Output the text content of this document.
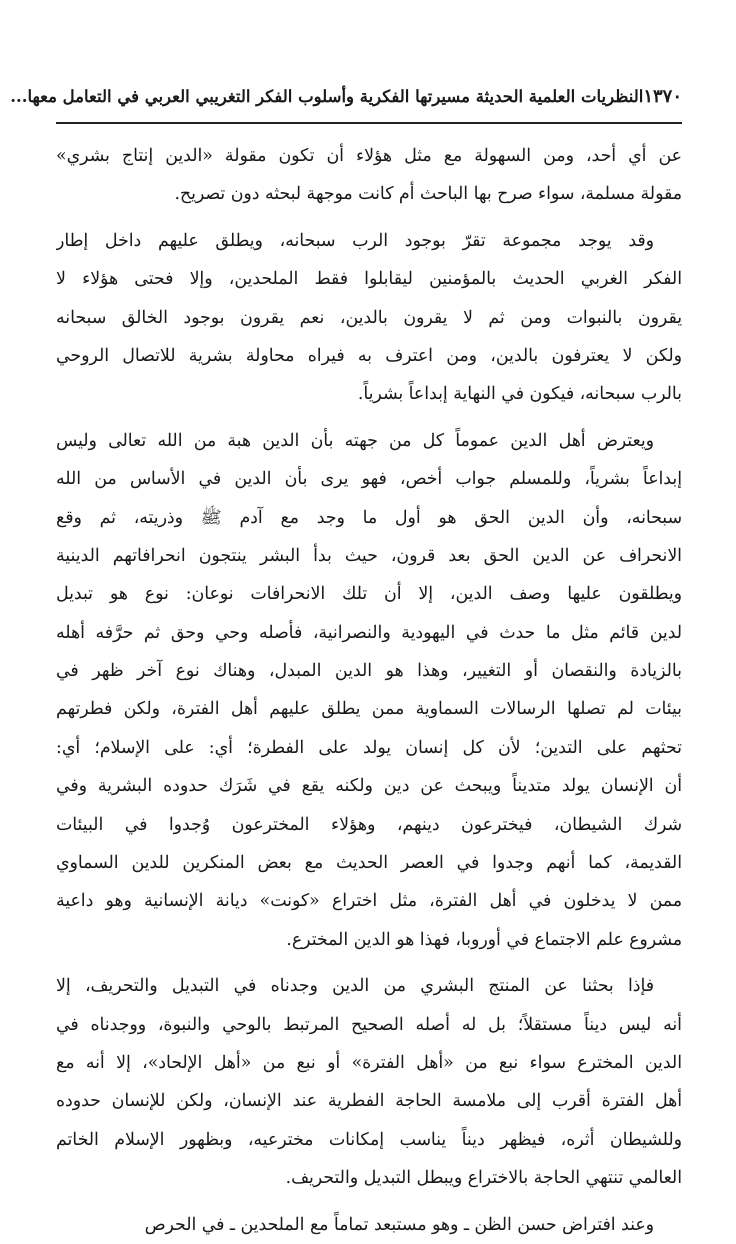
١٣٧٠
النظريات العلمية الحديثة مسيرتها الفكرية وأسلوب الفكر التغريبي العربي في التعامل معها...

عن أي أحد، ومن السهولة مع مثل هؤلاء أن تكون مقولة «الدين إنتاج بشري»
مقولة مسلمة، سواء صرح بها الباحث أم كانت موجهة لبحثه دون تصريح.

وقد يوجد مجموعة تقرّ بوجود الرب سبحانه، ويطلق عليهم داخل إطار
الفكر الغربي الحديث بالمؤمنين ليقابلوا فقط الملحدين، وإلا فحتى هؤلاء لا
يقرون بالنبوات ومن ثم لا يقرون بالدين، نعم يقرون بوجود الخالق سبحانه
ولكن لا يعترفون بالدين، ومن اعترف به فيراه محاولة بشرية للاتصال الروحي
بالرب سبحانه، فيكون في النهاية إبداعاً بشرياً.

ويعترض أهل الدين عموماً كل من جهته بأن الدين هبة من الله تعالى وليس
إبداعاً بشرياً، وللمسلم جواب أخص، فهو يرى بأن الدين في الأساس من الله
سبحانه، وأن الدين الحق هو أول ما وجد مع آدم ﷺ وذريته، ثم وقع
الانحراف عن الدين الحق بعد قرون، حيث بدأ البشر ينتجون انحرافاتهم الدينية
ويطلقون عليها وصف الدين، إلا أن تلك الانحرافات نوعان: نوع هو تبديل
لدين قائم مثل ما حدث في اليهودية والنصرانية، فأصله وحي وحق ثم حرَّفه أهله
بالزيادة والنقصان أو التغيير، وهذا هو الدين المبدل، وهناك نوع آخر ظهر في
بيئات لم تصلها الرسالات السماوية ممن يطلق عليهم أهل الفترة، ولكن فطرتهم
تحثهم على التدين؛ لأن كل إنسان يولد على الفطرة؛ أي: على الإسلام؛ أي:
أن الإنسان يولد متديناً ويبحث عن دين ولكنه يقع في شَرَك حدوده البشرية وفي
شرك الشيطان، فيخترعون دينهم، وهؤلاء المخترعون وُجدوا في البيئات
القديمة، كما أنهم وجدوا في العصر الحديث مع بعض المنكرين للدين السماوي
ممن لا يدخلون في أهل الفترة، مثل اختراع «كونت» ديانة الإنسانية وهو داعية
مشروع علم الاجتماع في أوروبا، فهذا هو الدين المخترع.

فإذا بحثنا عن المنتج البشري من الدين وجدناه في التبديل والتحريف، إلا
أنه ليس ديناً مستقلاً؛ بل له أصله الصحيح المرتبط بالوحي والنبوة، ووجدناه في
الدين المخترع سواء نبع من «أهل الفترة» أو نبع من «أهل الإلحاد»، إلا أنه مع
أهل الفترة أقرب إلى ملامسة الحاجة الفطرية عند الإنسان، ولكن للإنسان حدوده
وللشيطان أثره، فيظهر ديناً يناسب إمكانات مخترعيه، وبظهور الإسلام الخاتم
العالمي تنتهي الحاجة بالاختراع ويبطل التبديل والتحريف.

وعند افتراض حسن الظن ـ وهو مستبعد تماماً مع الملحدين ـ في الحرص
